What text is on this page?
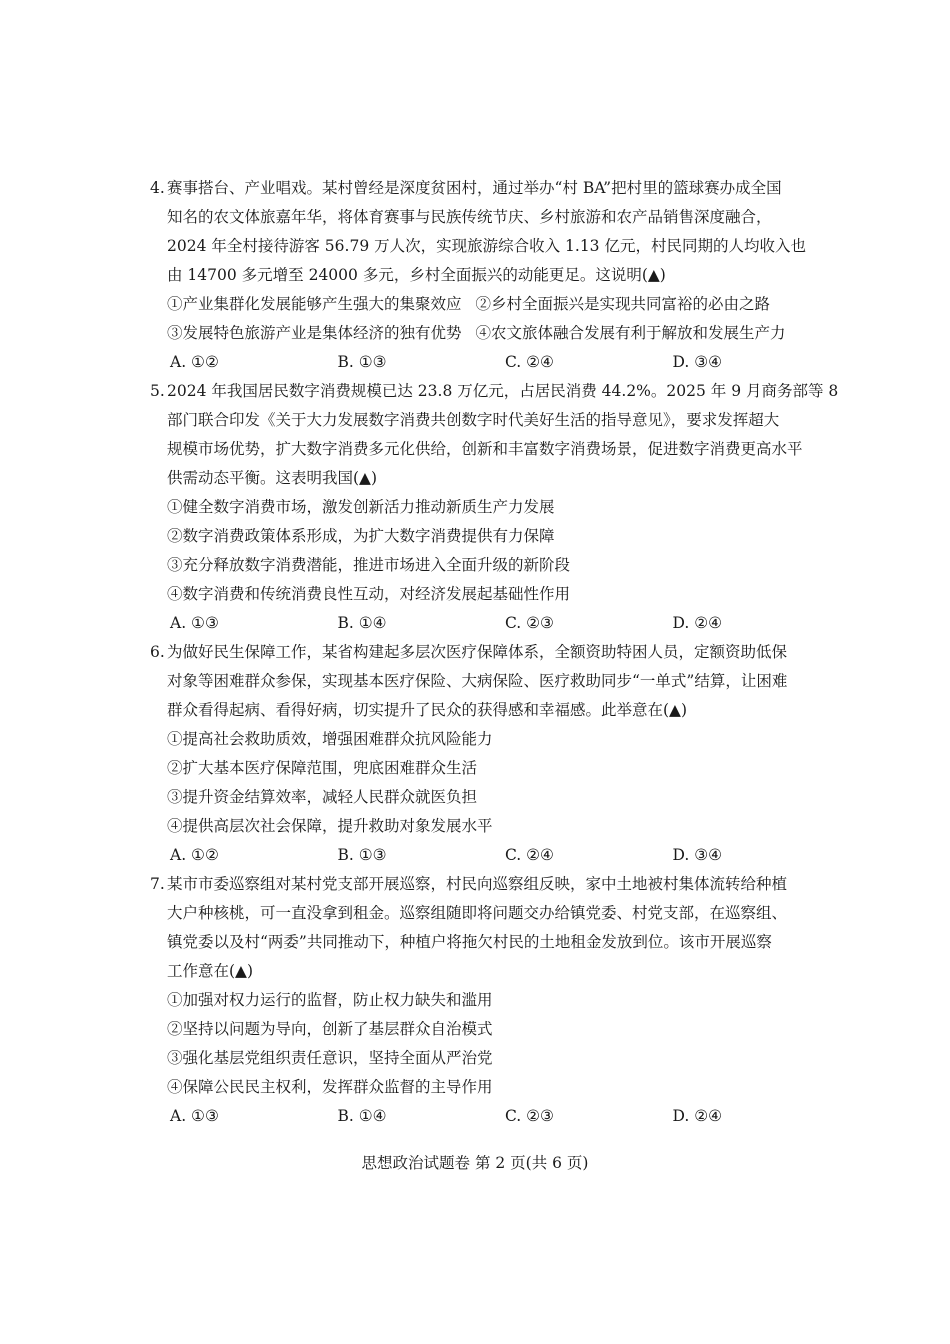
4. 赛事搭台、产业唱戏。某村曾经是深度贫困村，通过举办“村 BA”把村里的篮球赛办成全国
知名的农文体旅嘉年华，将体育赛事与民族传统节庆、乡村旅游和农产品销售深度融合，
2024 年全村接待游客 56.79 万人次，实现旅游综合收入 1.13 亿元，村民同期的人均收入也
由 14700 多元增至 24000 多元，乡村全面振兴的动能更足。这说明(▲)
①产业集群化发展能够产生强大的集聚效应 ②乡村全面振兴是实现共同富裕的必由之路
③发展特色旅游产业是集体经济的独有优势 ④农文旅体融合发展有利于解放和发展生产力
A. ①②	B. ①③	C. ②④	D. ③④
5. 2024 年我国居民数字消费规模已达 23.8 万亿元，占居民消费 44.2%。2025 年 9 月商务部等 8
部门联合印发《关于大力发展数字消费共创数字时代美好生活的指导意见》，要求发挥超大
规模市场优势，扩大数字消费多元化供给，创新和丰富数字消费场景，促进数字消费更高水平
供需动态平衡。这表明我国(▲)
①健全数字消费市场，激发创新活力推动新质生产力发展
②数字消费政策体系形成，为扩大数字消费提供有力保障
③充分释放数字消费潜能，推进市场进入全面升级的新阶段
④数字消费和传统消费良性互动，对经济发展起基础性作用
A. ①③	B. ①④	C. ②③	D. ②④
6. 为做好民生保障工作，某省构建起多层次医疗保障体系，全额资助特困人员，定额资助低保
对象等困难群众参保，实现基本医疗保险、大病保险、医疗救助同步“一单式”结算，让困难
群众看得起病、看得好病，切实提升了民众的获得感和幸福感。此举意在(▲)
①提高社会救助质效，增强困难群众抗风险能力
②扩大基本医疗保障范围，兜底困难群众生活
③提升资金结算效率，减轻人民群众就医负担
④提供高层次社会保障，提升救助对象发展水平
A. ①②	B. ①③	C. ②④	D. ③④
7. 某市市委巡察组对某村党支部开展巡察，村民向巡察组反映，家中土地被村集体流转给种植
大户种核桃，可一直没拿到租金。巡察组随即将问题交办给镇党委、村党支部，在巡察组、
镇党委以及村“两委”共同推动下，种植户将拖欠村民的土地租金发放到位。该市开展巡察
工作意在(▲)
①加强对权力运行的监督，防止权力缺失和滥用
②坚持以问题为导向，创新了基层群众自治模式
③强化基层党组织责任意识，坚持全面从严治党
④保障公民民主权利，发挥群众监督的主导作用
A. ①③	B. ①④	C. ②③	D. ②④
思想政治试题卷 第 2 页(共 6 页)
